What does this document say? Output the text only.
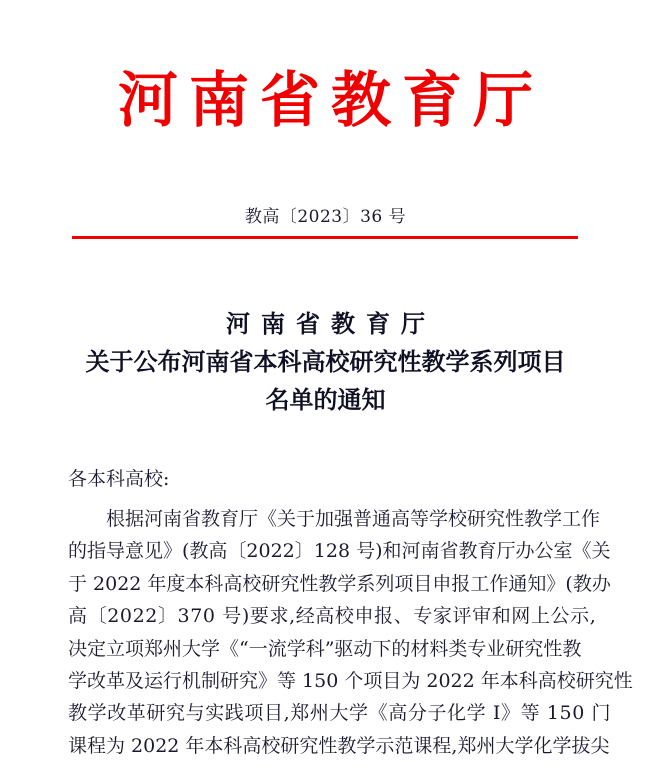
河南省教育厅
教高〔2023〕36 号
河南省教育厅
关于公布河南省本科高校研究性教学系列项目
名单的通知
各本科高校:
根据河南省教育厅《关于加强普通高等学校研究性教学工作
的指导意见》(教高〔2022〕128 号)和河南省教育厅办公室《关
于 2022 年度本科高校研究性教学系列项目申报工作通知》(教办
高〔2022〕370 号)要求,经高校申报、专家评审和网上公示,
决定立项郑州大学《“一流学科”驱动下的材料类专业研究性教
学改革及运行机制研究》等 150 个项目为 2022 年本科高校研究性
教学改革研究与实践项目,郑州大学《高分子化学 I》等 150 门
课程为 2022 年本科高校研究性教学示范课程,郑州大学化学拔尖
